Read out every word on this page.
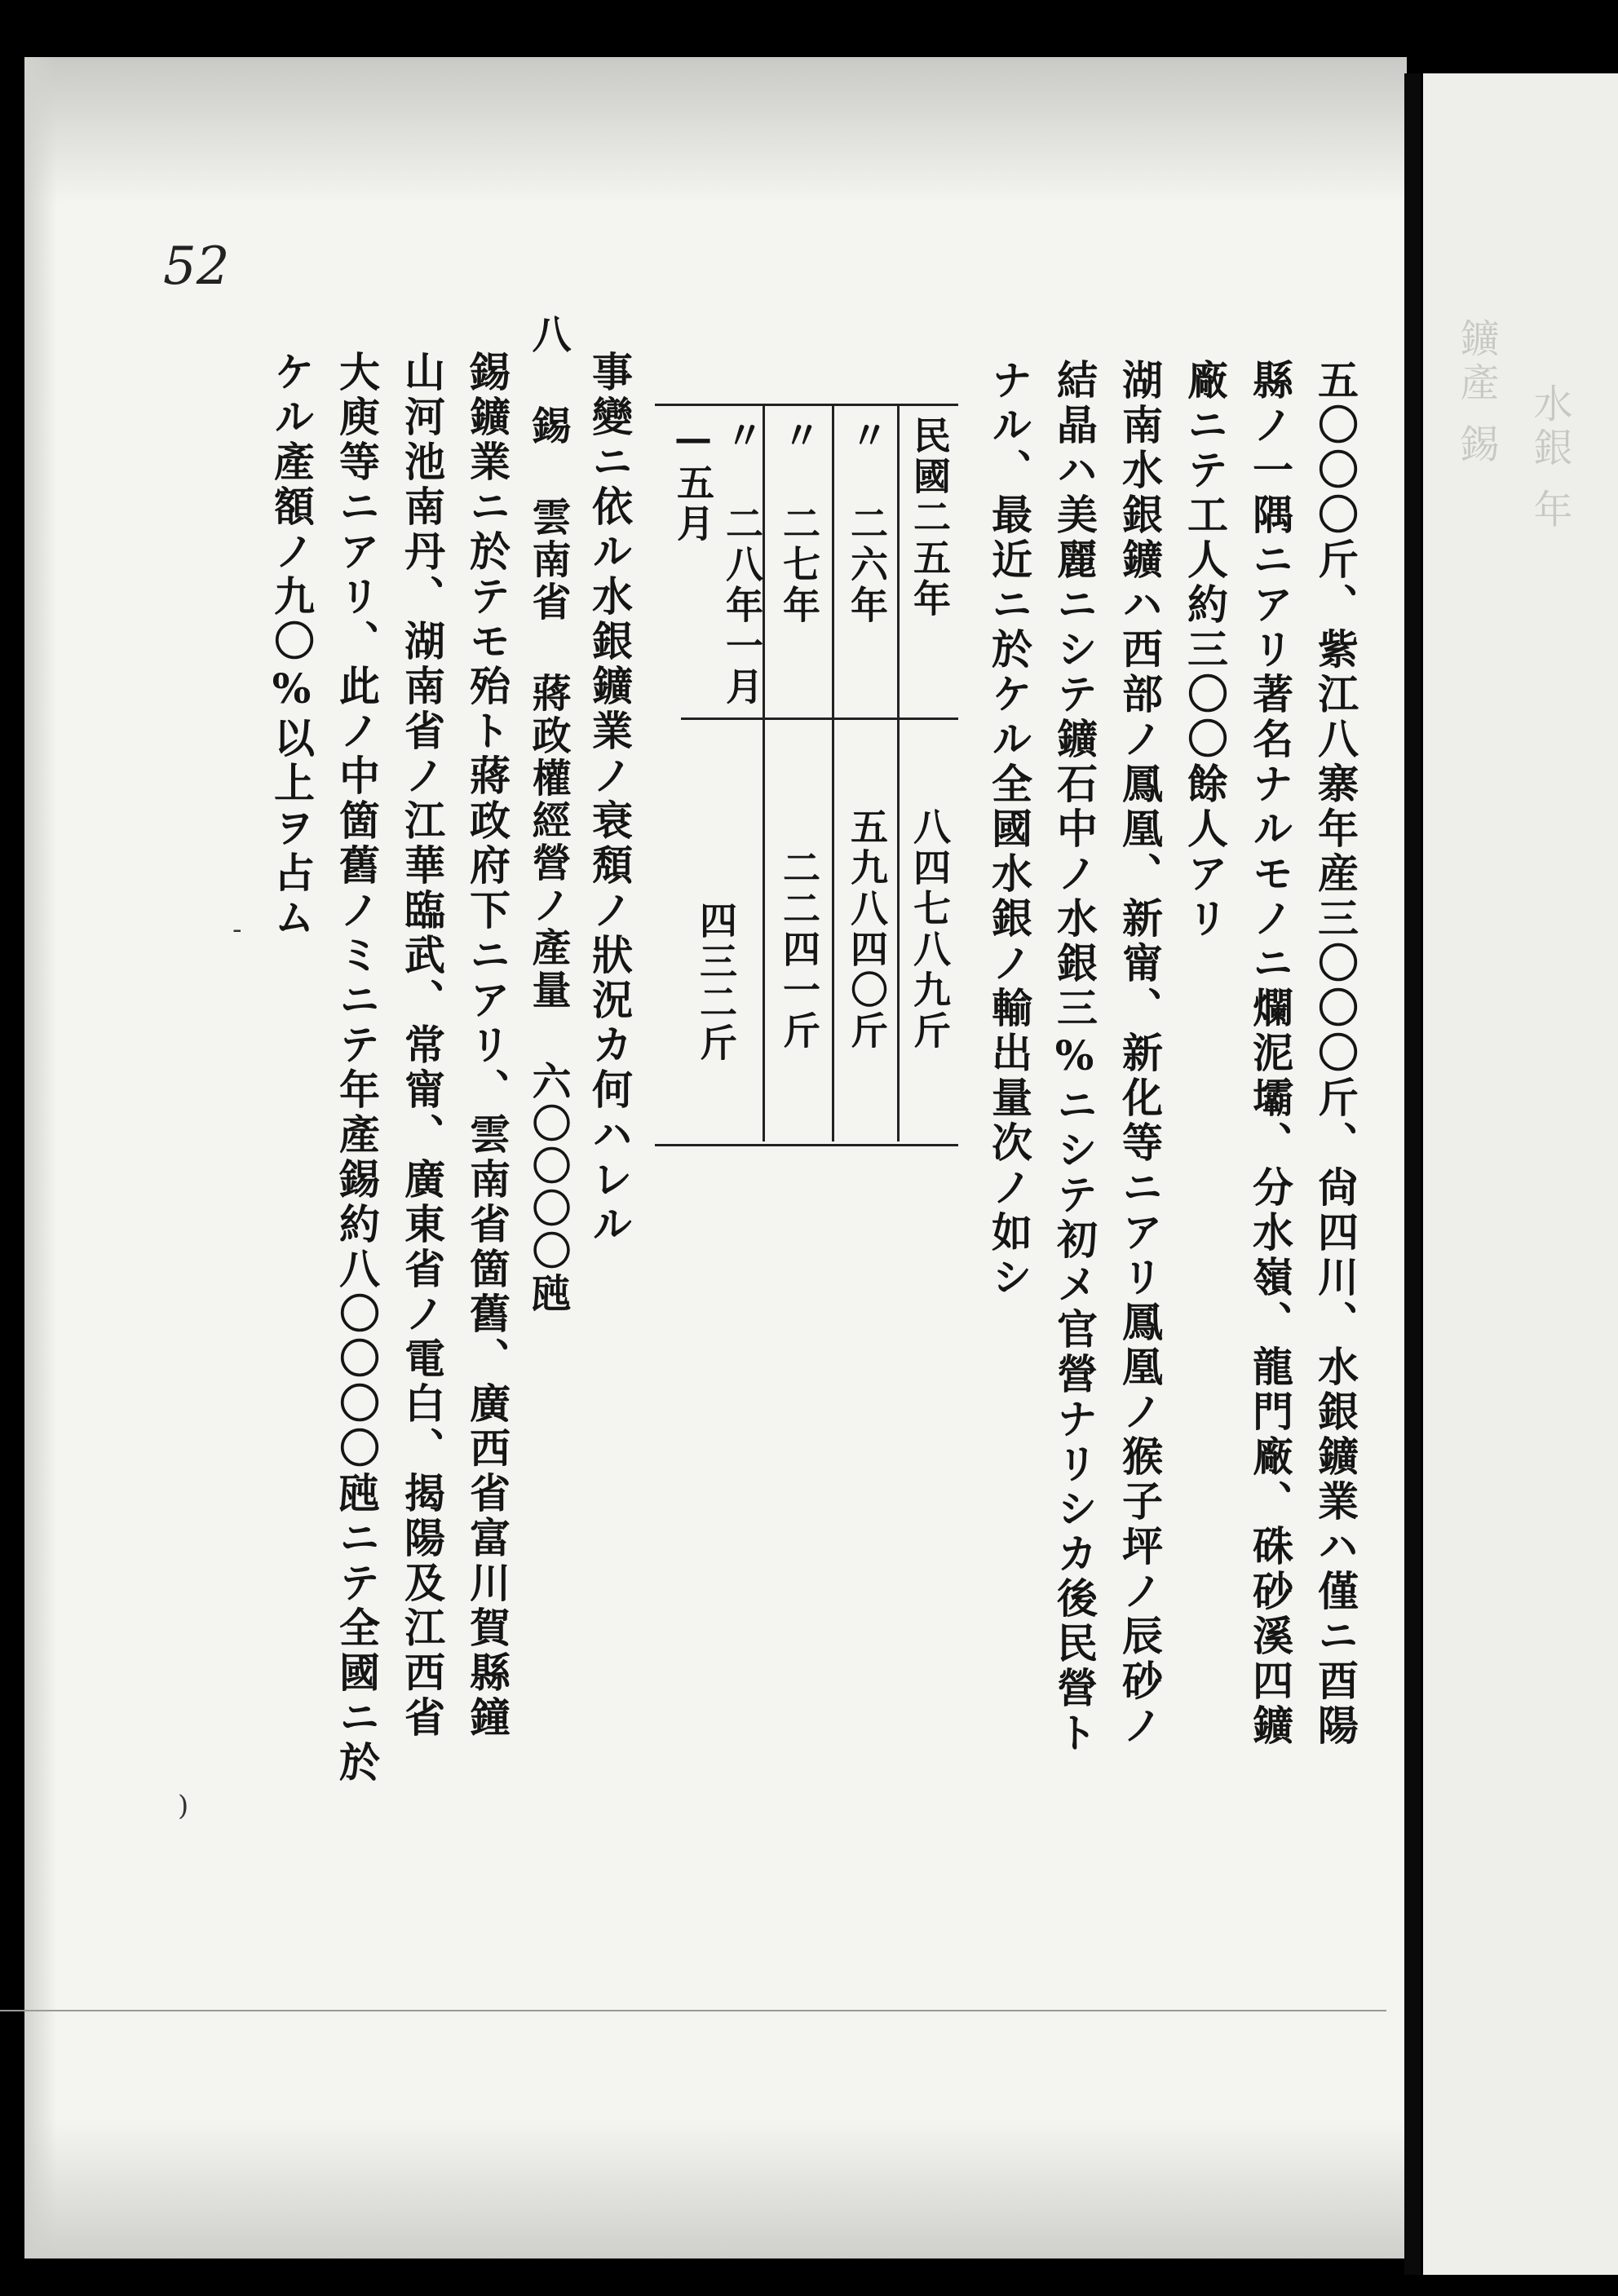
鑛產 錫 水銀 年
52
五〇〇〇斤、紫江八寨年産三〇〇〇斤、尙四川、水銀鑛業ハ僅ニ酉陽
縣ノ一隅ニアリ著名ナルモノニ爛泥壩、分水嶺、龍門廠、硃砂溪四鑛
廠ニテ工人約三〇〇餘人アリ
湖南水銀鑛ハ西部ノ鳳凰、新甯、新化等ニアリ鳳凰ノ猴子坪ノ辰砂ノ
結晶ハ美麗ニシテ鑛石中ノ水銀三%ニシテ初メ官營ナリシカ後民營ト
ナル、最近ニ於ケル全國水銀ノ輸出量次ノ如シ
民國二五年
八四七八九斤
〃 二六年
五九八四〇斤
〃 二七年
二二四一斤
〃 二八年一月—五月
四三二斤
事變ニ依ル水銀鑛業ノ衰頽ノ狀況カ何ハレル
八 錫 雲南省 蔣政權經營ノ產量 六〇〇〇〇瓲
錫鑛業ニ於テモ殆ト蔣政府下ニアリ、雲南省箇舊、廣西省富川賀縣鐘
山河池南丹、湖南省ノ江華臨武、常甯、廣東省ノ電白、揭陽及江西省
大庾等ニアリ、此ノ中箇舊ノミニテ年產錫約八〇〇〇〇瓲ニテ全國ニ於
ケル產額ノ九〇%以上ヲ占ム
)
-
